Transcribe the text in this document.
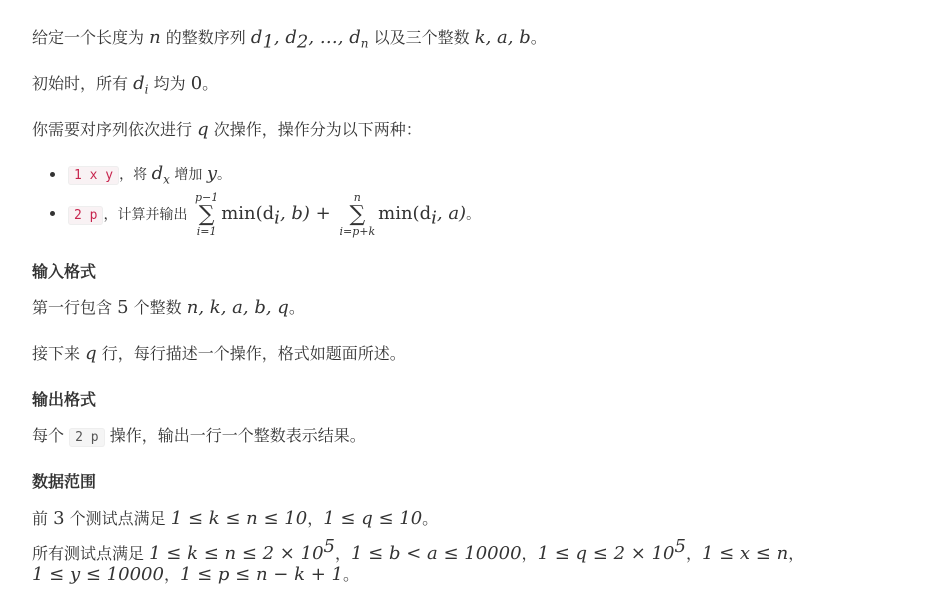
给定一个长度为 n 的整数序列 $d_1$, $d_2$, …, $d_n$ 以及三个整数 k, a, b。
初始时，所有 $d_i$ 均为 0。
你需要对序列依次进行 q 次操作，操作分为以下两种：
1 x y ，将 $d_x$ 增加 y。
2 p ，计算并输出
p−1
∑
i=1
$\min(d_i$, b) +
n
∑
i=p+k
$\min(d_i$, a)。
输入格式
第一行包含 5 个整数 n, k, a, b, q。
接下来 q 行，每行描述一个操作，格式如题面所述。
输出格式
每个 2 p 操作，输出一行一个整数表示结果。
数据范围
前 3 个测试点满足 1 ≤ k ≤ n ≤ 10，1 ≤ q ≤ 10。
所有测试点满足 $1 \le k \le n \le 2 \times 10^5$，1 ≤ b < a ≤ 10000，$1 \le q \le 2 \times 10^5$，1 ≤ x ≤ n，
1 ≤ y ≤ 10000，1 ≤ p ≤ n − k + 1。
